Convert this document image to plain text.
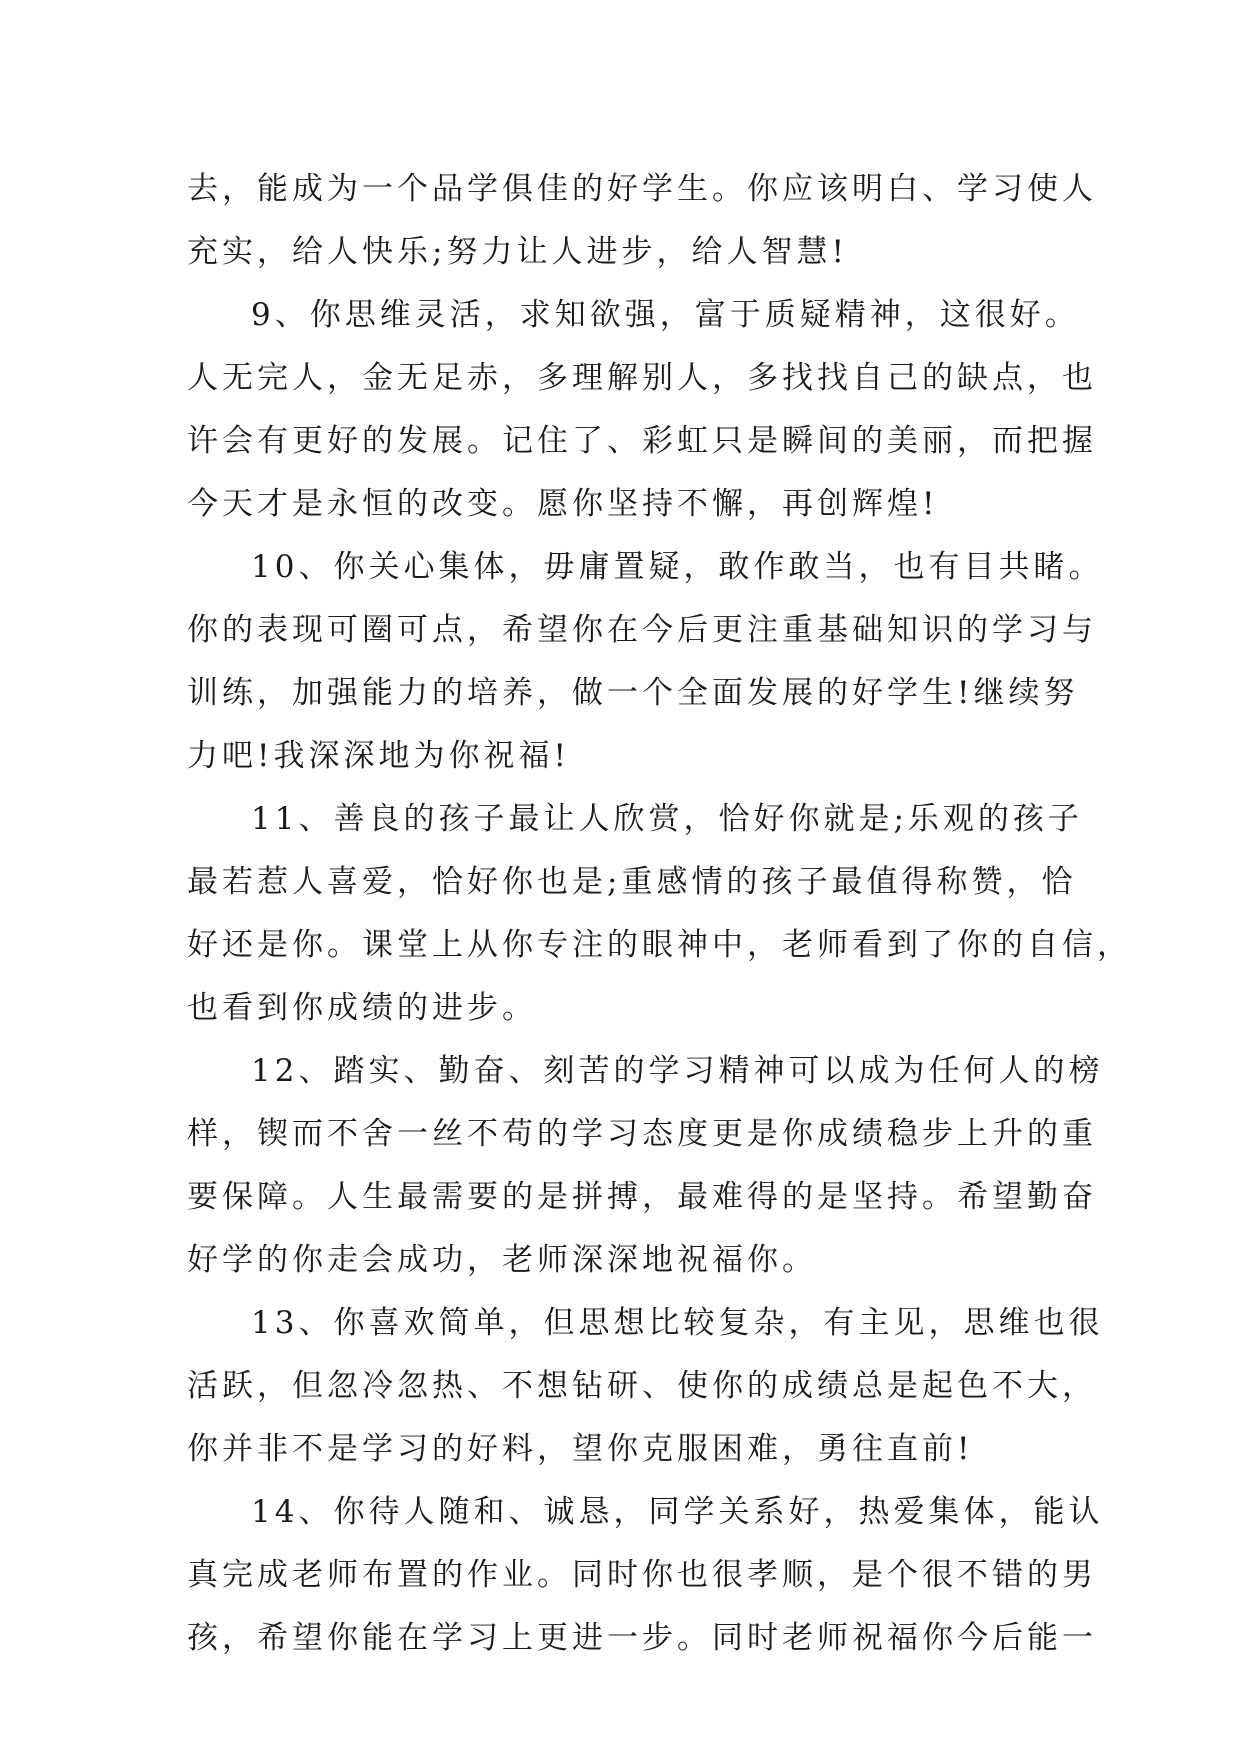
去，能成为一个品学俱佳的好学生。你应该明白、学习使人
充实，给人快乐;努力让人进步，给人智慧!
9、你思维灵活，求知欲强，富于质疑精神，这很好。
人无完人，金无足赤，多理解别人，多找找自己的缺点，也
许会有更好的发展。记住了、彩虹只是瞬间的美丽，而把握
今天才是永恒的改变。愿你坚持不懈，再创辉煌!
10、你关心集体，毋庸置疑，敢作敢当，也有目共睹。
你的表现可圈可点，希望你在今后更注重基础知识的学习与
训练，加强能力的培养，做一个全面发展的好学生!继续努
力吧!我深深地为你祝福!
11、善良的孩子最让人欣赏，恰好你就是;乐观的孩子
最若惹人喜爱，恰好你也是;重感情的孩子最值得称赞，恰
好还是你。课堂上从你专注的眼神中，老师看到了你的自信，
也看到你成绩的进步。
12、踏实、勤奋、刻苦的学习精神可以成为任何人的榜
样，锲而不舍一丝不苟的学习态度更是你成绩稳步上升的重
要保障。人生最需要的是拼搏，最难得的是坚持。希望勤奋
好学的你走会成功，老师深深地祝福你。
13、你喜欢简单，但思想比较复杂，有主见，思维也很
活跃，但忽冷忽热、不想钻研、使你的成绩总是起色不大，
你并非不是学习的好料，望你克服困难，勇往直前!
14、你待人随和、诚恳，同学关系好，热爱集体，能认
真完成老师布置的作业。同时你也很孝顺，是个很不错的男
孩，希望你能在学习上更进一步。同时老师祝福你今后能一
